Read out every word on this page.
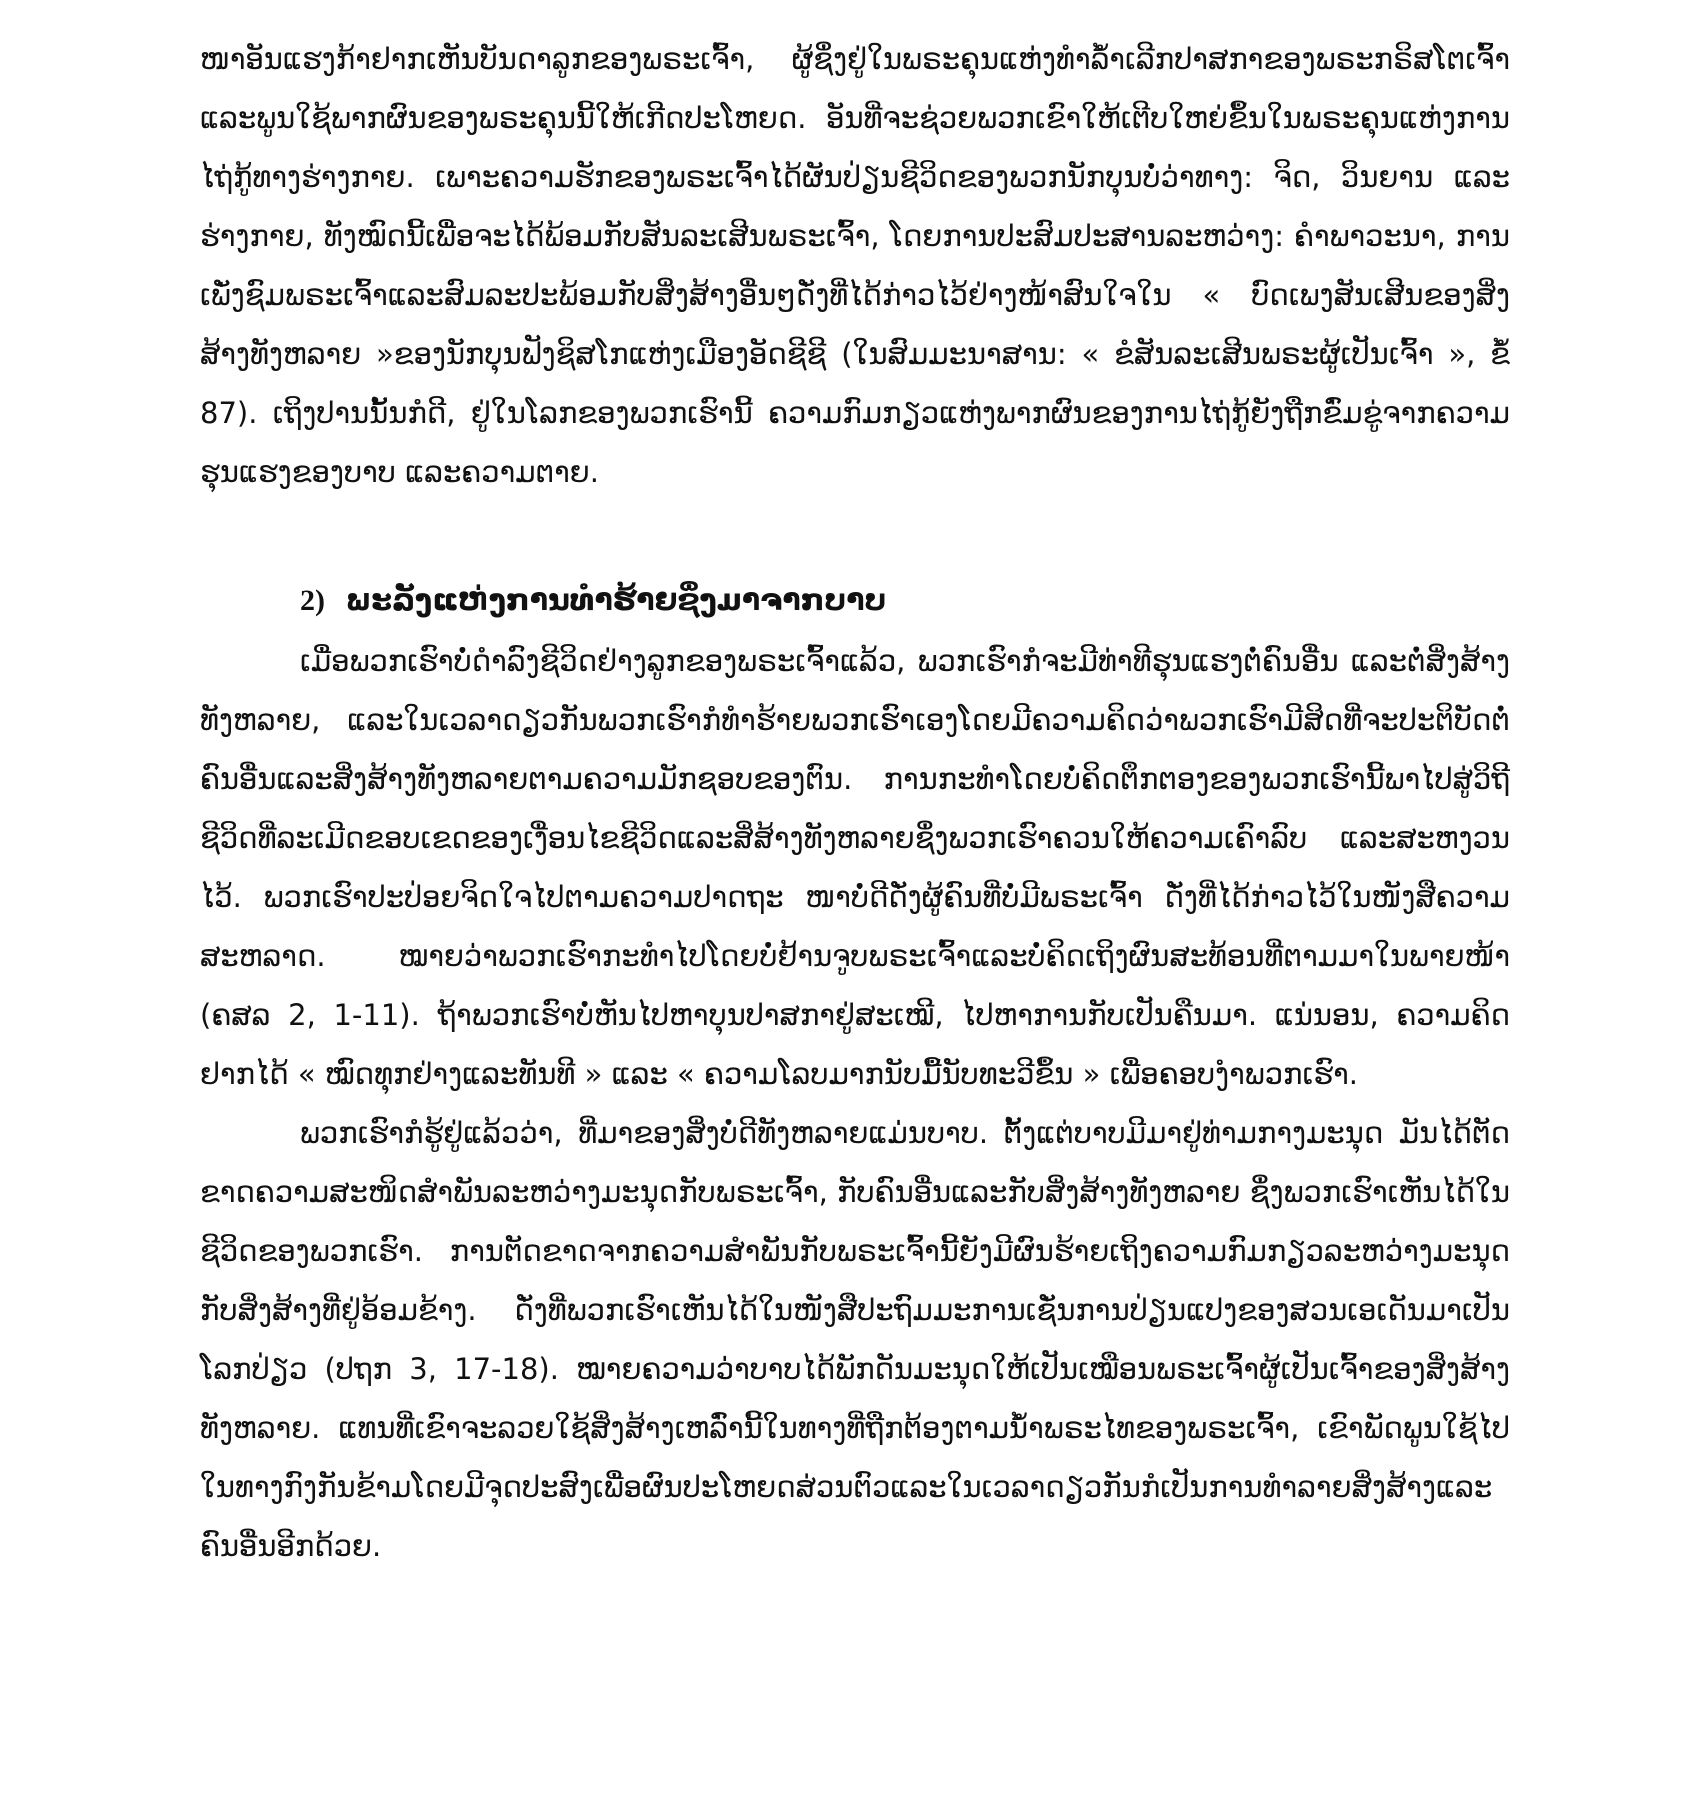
ໜາອັນແຮງກ້າຢາກເຫັນບັນດາລູກຂອງພຣະເຈົ້າ, ຜູ້ຊຶ່ງຢູ່ໃນພຣະຄຸນແຫ່ງທໍາລໍ້າເລີກປາສກາຂອງພຣະກຣິສໂຕເຈົ້າແລະພູນໃຊ້ພາກຜົນຂອງພຣະຄຸນນີ້ໃຫ້ເກີດປະໂຫຍດ. ອັນທີ່ຈະຊ່ວຍພວກເຂົາໃຫ້ເຕີບໃຫຍ່ຂຶ້ນໃນພຣະຄຸນແຫ່ງການໄຖ່ກູ້ທາງຮ່າງກາຍ. ເພາະຄວາມຮັກຂອງພຣະເຈົ້າໄດ້ຜັນປ່ຽນຊີວິດຂອງພວກນັກບຸນບໍ່ວ່າທາງ: ຈິດ, ວິນຍານ ແລະຮ່າງກາຍ, ທັງໝົດນີ້ເພື່ອຈະໄດ້ພ້ອມກັບສັນລະເສີນພຣະເຈົ້າ, ໂດຍການປະສົມປະສານລະຫວ່າງ: ຄໍາພາວະນາ, ການເພັ່ງຊົມພຣະເຈົ້າແລະສົມລະປະພ້ອມກັບສິ່ງສ້າງອື່ນໆດັ່ງທີ່ໄດ້ກ່າວໄວ້ຢ່າງໜ້າສົນໃຈໃນ « ບົດເພງສັນເສີນຂອງສິ່ງສ້າງທັງຫລາຍ »ຂອງນັກບຸນຟັງຊິສໂກແຫ່ງເມືອງອັດຊີຊີ (ໃນສົມມະນາສານ: « ຂໍສັນລະເສີນພຣະຜູ້ເປັນເຈົ້າ », ຂໍ້ 87). ເຖິງປານນັ້ນກໍດີ, ຢູ່ໃນໂລກຂອງພວກເຮົານີ້ ຄວາມກົມກຽວແຫ່ງພາກຜົນຂອງການໄຖ່ກູ້ຍັງຖືກຂົ່ມຂູ່ຈາກຄວາມຮຸນແຮງຂອງບາບ ແລະຄວາມຕາຍ.

2) ພະລັງແຫ່ງການທໍາຮ້າຍຊຶ່ງມາຈາກບາບ

ເມື່ອພວກເຮົາບໍ່ດໍາລົງຊີວິດຢ່າງລູກຂອງພຣະເຈົ້າແລ້ວ, ພວກເຮົາກໍຈະມີທ່າທີຮຸນແຮງຕໍ່ຄົນອື່ນ ແລະຕໍ່ສິ່ງສ້າງທັງຫລາຍ, ແລະໃນເວລາດຽວກັນພວກເຮົາກໍທໍາຮ້າຍພວກເຮົາເອງໂດຍມີຄວາມຄິດວ່າພວກເຮົາມີສິດທີ່ຈະປະຕິບັດຕໍ່ຄົນອື່ນແລະສິ່ງສ້າງທັງຫລາຍຕາມຄວາມມັກຊອບຂອງຕົນ. ການກະທໍາໂດຍບໍ່ຄິດຕຶກຕອງຂອງພວກເຮົານີ້ພາໄປສູ່ວິຖີຊີວິດທີ່ລະເມີດຂອບເຂດຂອງເງື່ອນໄຂຊີວິດແລະສິ່ສ້າງທັງຫລາຍຊຶ່ງພວກເຮົາຄວນໃຫ້ຄວາມເຄົາລົບ ແລະສະຫງວນໄວ້. ພວກເຮົາປະປ່ອຍຈິດໃຈໄປຕາມຄວາມປາດຖະ ໜາບໍ່ດີດັ່ງຜູ້ຄົນທີ່ບໍ່ມີພຣະເຈົ້າ ດັ່ງທີ່ໄດ້ກ່າວໄວ້ໃນໜັງສືຄວາມສະຫລາດ. ໝາຍວ່າພວກເຮົາກະທໍາໄປໂດຍບໍ່ຢ້ານຈູບພຣະເຈົ້າແລະບໍ່ຄິດເຖິງຜົນສະທ້ອນທີ່ຕາມມາໃນພາຍໜ້າ (ຄສລ 2, 1-11). ຖ້າພວກເຮົາບໍ່ຫັນໄປຫາບຸນປາສກາຢູ່ສະເໝີ, ໄປຫາການກັບເປັນຄືນມາ. ແນ່ນອນ, ຄວາມຄິດຢາກໄດ້ « ໝົດທຸກຢ່າງແລະທັນທີ » ແລະ « ຄວາມໂລບມາກນັບມື້ນັບທະວີຂຶ້ນ » ເພື່ອຄອບງໍາພວກເຮົາ.

ພວກເຮົາກໍຮູ້ຢູ່ແລ້ວວ່າ, ທີ່ມາຂອງສິ່ງບໍ່ດີທັງຫລາຍແມ່ນບາບ. ຕັ້ງແຕ່ບາບມີມາຢູ່ທ່າມກາງມະນຸດ ມັນໄດ້ຕັດຂາດຄວາມສະໜິດສໍາພັນລະຫວ່າງມະນຸດກັບພຣະເຈົ້າ, ກັບຄົນອື່ນແລະກັບສິ່ງສ້າງທັງຫລາຍ ຊຶ່ງພວກເຮົາເຫັນໄດ້ໃນຊີວິດຂອງພວກເຮົາ. ການຕັດຂາດຈາກຄວາມສໍາພັນກັບພຣະເຈົ້ານີ້ຍັງມີຜົນຮ້າຍເຖິງຄວາມກົມກຽວລະຫວ່າງມະນຸດກັບສິ່ງສ້າງທີ່ຢູ່ອ້ອມຂ້າງ. ດັ່ງທີ່ພວກເຮົາເຫັນໄດ້ໃນໜັງສືປະຖົມມະການເຊັ່ນການປ່ຽນແປງຂອງສວນເອເດັນມາເປັນໂລກປ່ຽວ (ປຖກ 3, 17-18). ໝາຍຄວາມວ່າບາບໄດ້ພັກດັນມະນຸດໃຫ້ເປັນເໝືອນພຣະເຈົ້າຜູ້ເປັນເຈົ້າຂອງສິ່ງສ້າງທັງຫລາຍ. ແທນທີ່ເຂົາຈະລວຍໃຊ້ສິ່ງສ້າງເຫລົ່ານີ້ໃນທາງທີ່ຖືກຕ້ອງຕາມນໍ້າພຣະໄທຂອງພຣະເຈົ້າ, ເຂົາພັດພູນໃຊ້ໄປໃນທາງກົງກັນຂ້າມໂດຍມີຈຸດປະສົງເພື່ອຜົນປະໂຫຍດສ່ວນຕົວແລະໃນເວລາດຽວກັນກໍເປັນການທໍາລາຍສິ່ງສ້າງແລະຄົນອື່ນອີກດ້ວຍ.
